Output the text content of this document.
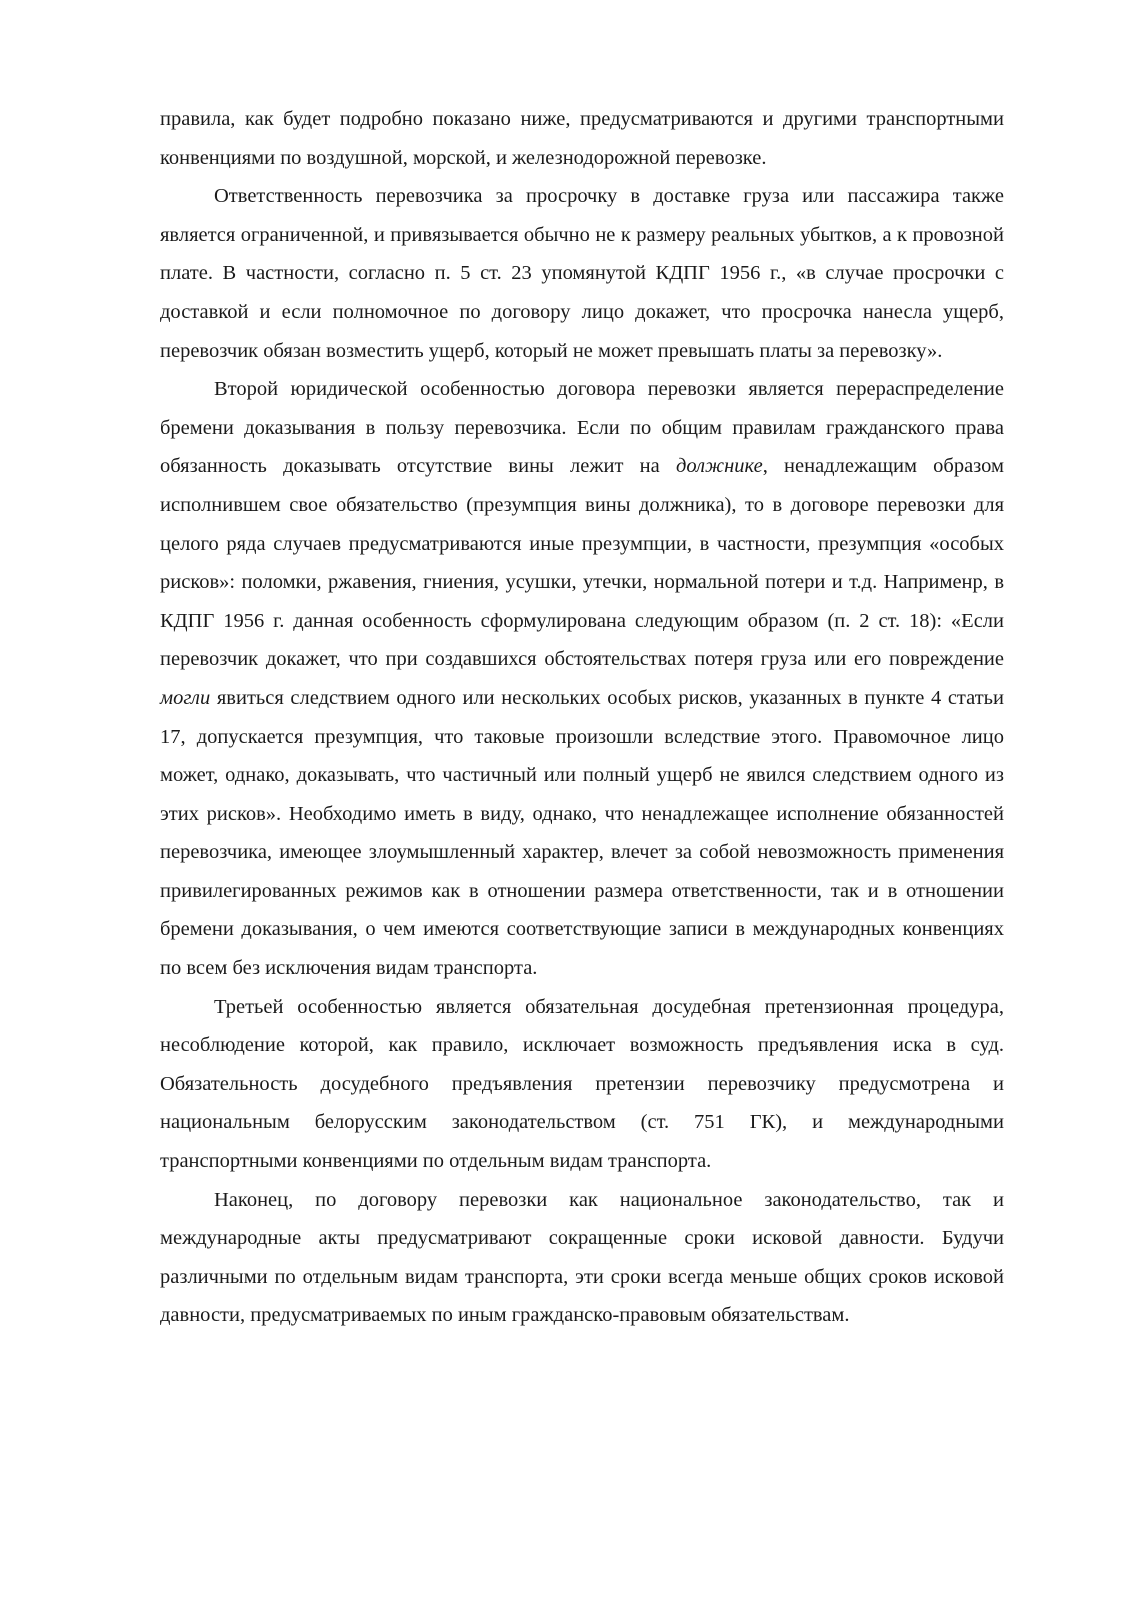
правила, как будет подробно показано ниже, предусматриваются и другими транспортными конвенциями по воздушной, морской, и железнодорожной перевозке.

Ответственность перевозчика за просрочку в доставке груза или пассажира также является ограниченной, и привязывается обычно не к размеру реальных убытков, а к провозной плате. В частности, согласно п. 5 ст. 23 упомянутой КДПГ 1956 г., «в случае просрочки с доставкой и если полномочное по договору лицо докажет, что просрочка нанесла ущерб, перевозчик обязан возместить ущерб, который не может превышать платы за перевозку».

Второй юридической особенностью договора перевозки является перераспределение бремени доказывания в пользу перевозчика. Если по общим правилам гражданского права обязанность доказывать отсутствие вины лежит на должнике, ненадлежащим образом исполнившем свое обязательство (презумпция вины должника), то в договоре перевозки для целого ряда случаев предусматриваются иные презумпции, в частности, презумпция «особых рисков»: поломки, ржавения, гниения, усушки, утечки, нормальной потери и т.д. Наприменр, в КДПГ 1956 г. данная особенность сформулирована следующим образом (п. 2 ст. 18): «Если перевозчик докажет, что при создавшихся обстоятельствах потеря груза или его повреждение могли явиться следствием одного или нескольких особых рисков, указанных в пункте 4 статьи 17, допускается презумпция, что таковые произошли вследствие этого. Правомочное лицо может, однако, доказывать, что частичный или полный ущерб не явился следствием одного из этих рисков». Необходимо иметь в виду, однако, что ненадлежащее исполнение обязанностей перевозчика, имеющее злоумышленный характер, влечет за собой невозможность применения привилегированных режимов как в отношении размера ответственности, так и в отношении бремени доказывания, о чем имеются соответствующие записи в международных конвенциях по всем без исключения видам транспорта.

Третьей особенностью является обязательная досудебная претензионная процедура, несоблюдение которой, как правило, исключает возможность предъявления иска в суд. Обязательность досудебного предъявления претензии перевозчику предусмотрена и национальным белорусским законодательством (ст. 751 ГК), и международными транспортными конвенциями по отдельным видам транспорта.

Наконец, по договору перевозки как национальное законодательство, так и международные акты предусматривают сокращенные сроки исковой давности. Будучи различными по отдельным видам транспорта, эти сроки всегда меньше общих сроков исковой давности, предусматриваемых по иным гражданско-правовым обязательствам.
